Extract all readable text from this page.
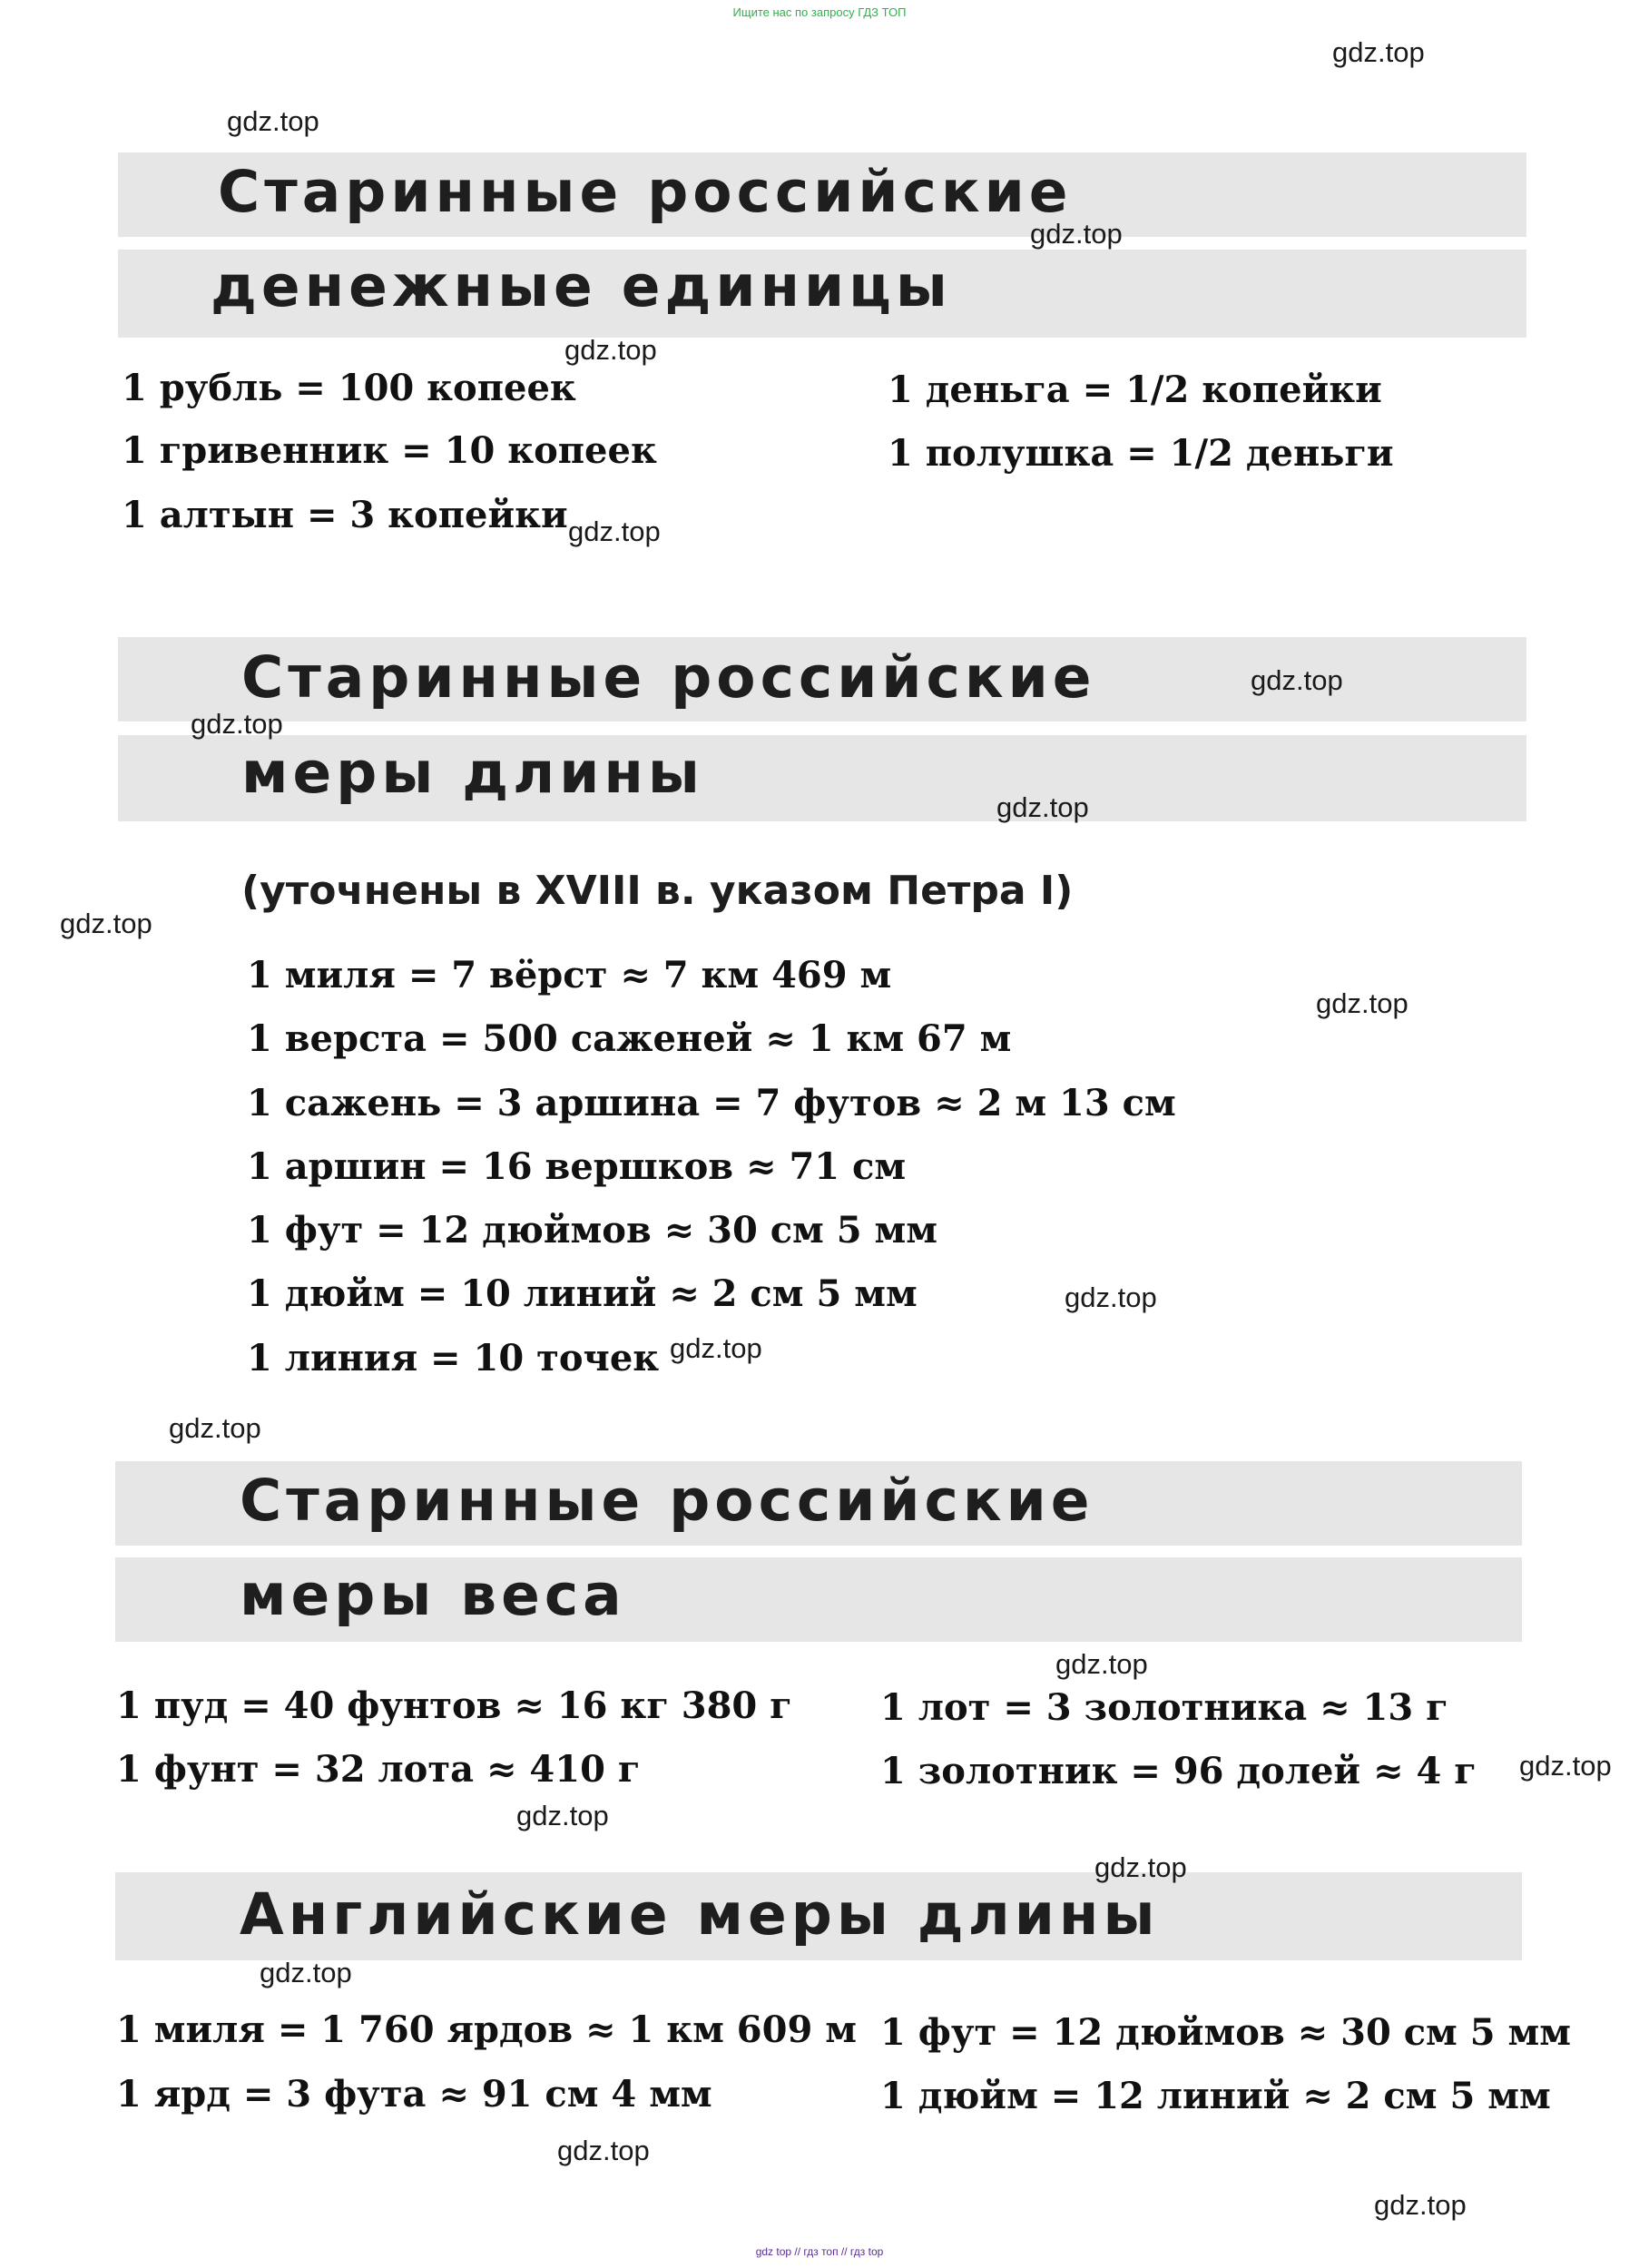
Ищите нас по запросу ГДЗ ТОП
Старинные российские
денежные единицы
1 рубль = 100 копеек
1 гривенник = 10 копеек
1 алтын = 3 копейки
1 деньга = 1/2 копейки
1 полушка = 1/2 деньги
Старинные российские
меры длины
(уточнены в XVIII в. указом Петра I)
1 миля = 7 вёрст ≈ 7 км 469 м
1 верста = 500 саженей ≈ 1 км 67 м
1 сажень = 3 аршина = 7 футов ≈ 2 м 13 см
1 аршин = 16 вершков ≈ 71 см
1 фут = 12 дюймов ≈ 30 см 5 мм
1 дюйм = 10 линий ≈ 2 см 5 мм
1 линия = 10 точек
Старинные российские
меры веса
1 пуд = 40 фунтов ≈ 16 кг 380 г
1 фунт = 32 лота ≈ 410 г
1 лот = 3 золотника ≈ 13 г
1 золотник = 96 долей ≈ 4 г
Английские меры длины
1 миля = 1 760 ярдов ≈ 1 км 609 м
1 ярд = 3 фута ≈ 91 см 4 мм
1 фут = 12 дюймов ≈ 30 см 5 мм
1 дюйм = 12 линий ≈ 2 см 5 мм
gdz.top
gdz.top
gdz.top
gdz.top
gdz.top
gdz.top
gdz.top
gdz.top
gdz.top
gdz.top
gdz.top
gdz.top
gdz.top
gdz.top
gdz.top
gdz.top
gdz.top
gdz.top
gdz.top
gdz.top
gdz top // гдз топ // гдз top
